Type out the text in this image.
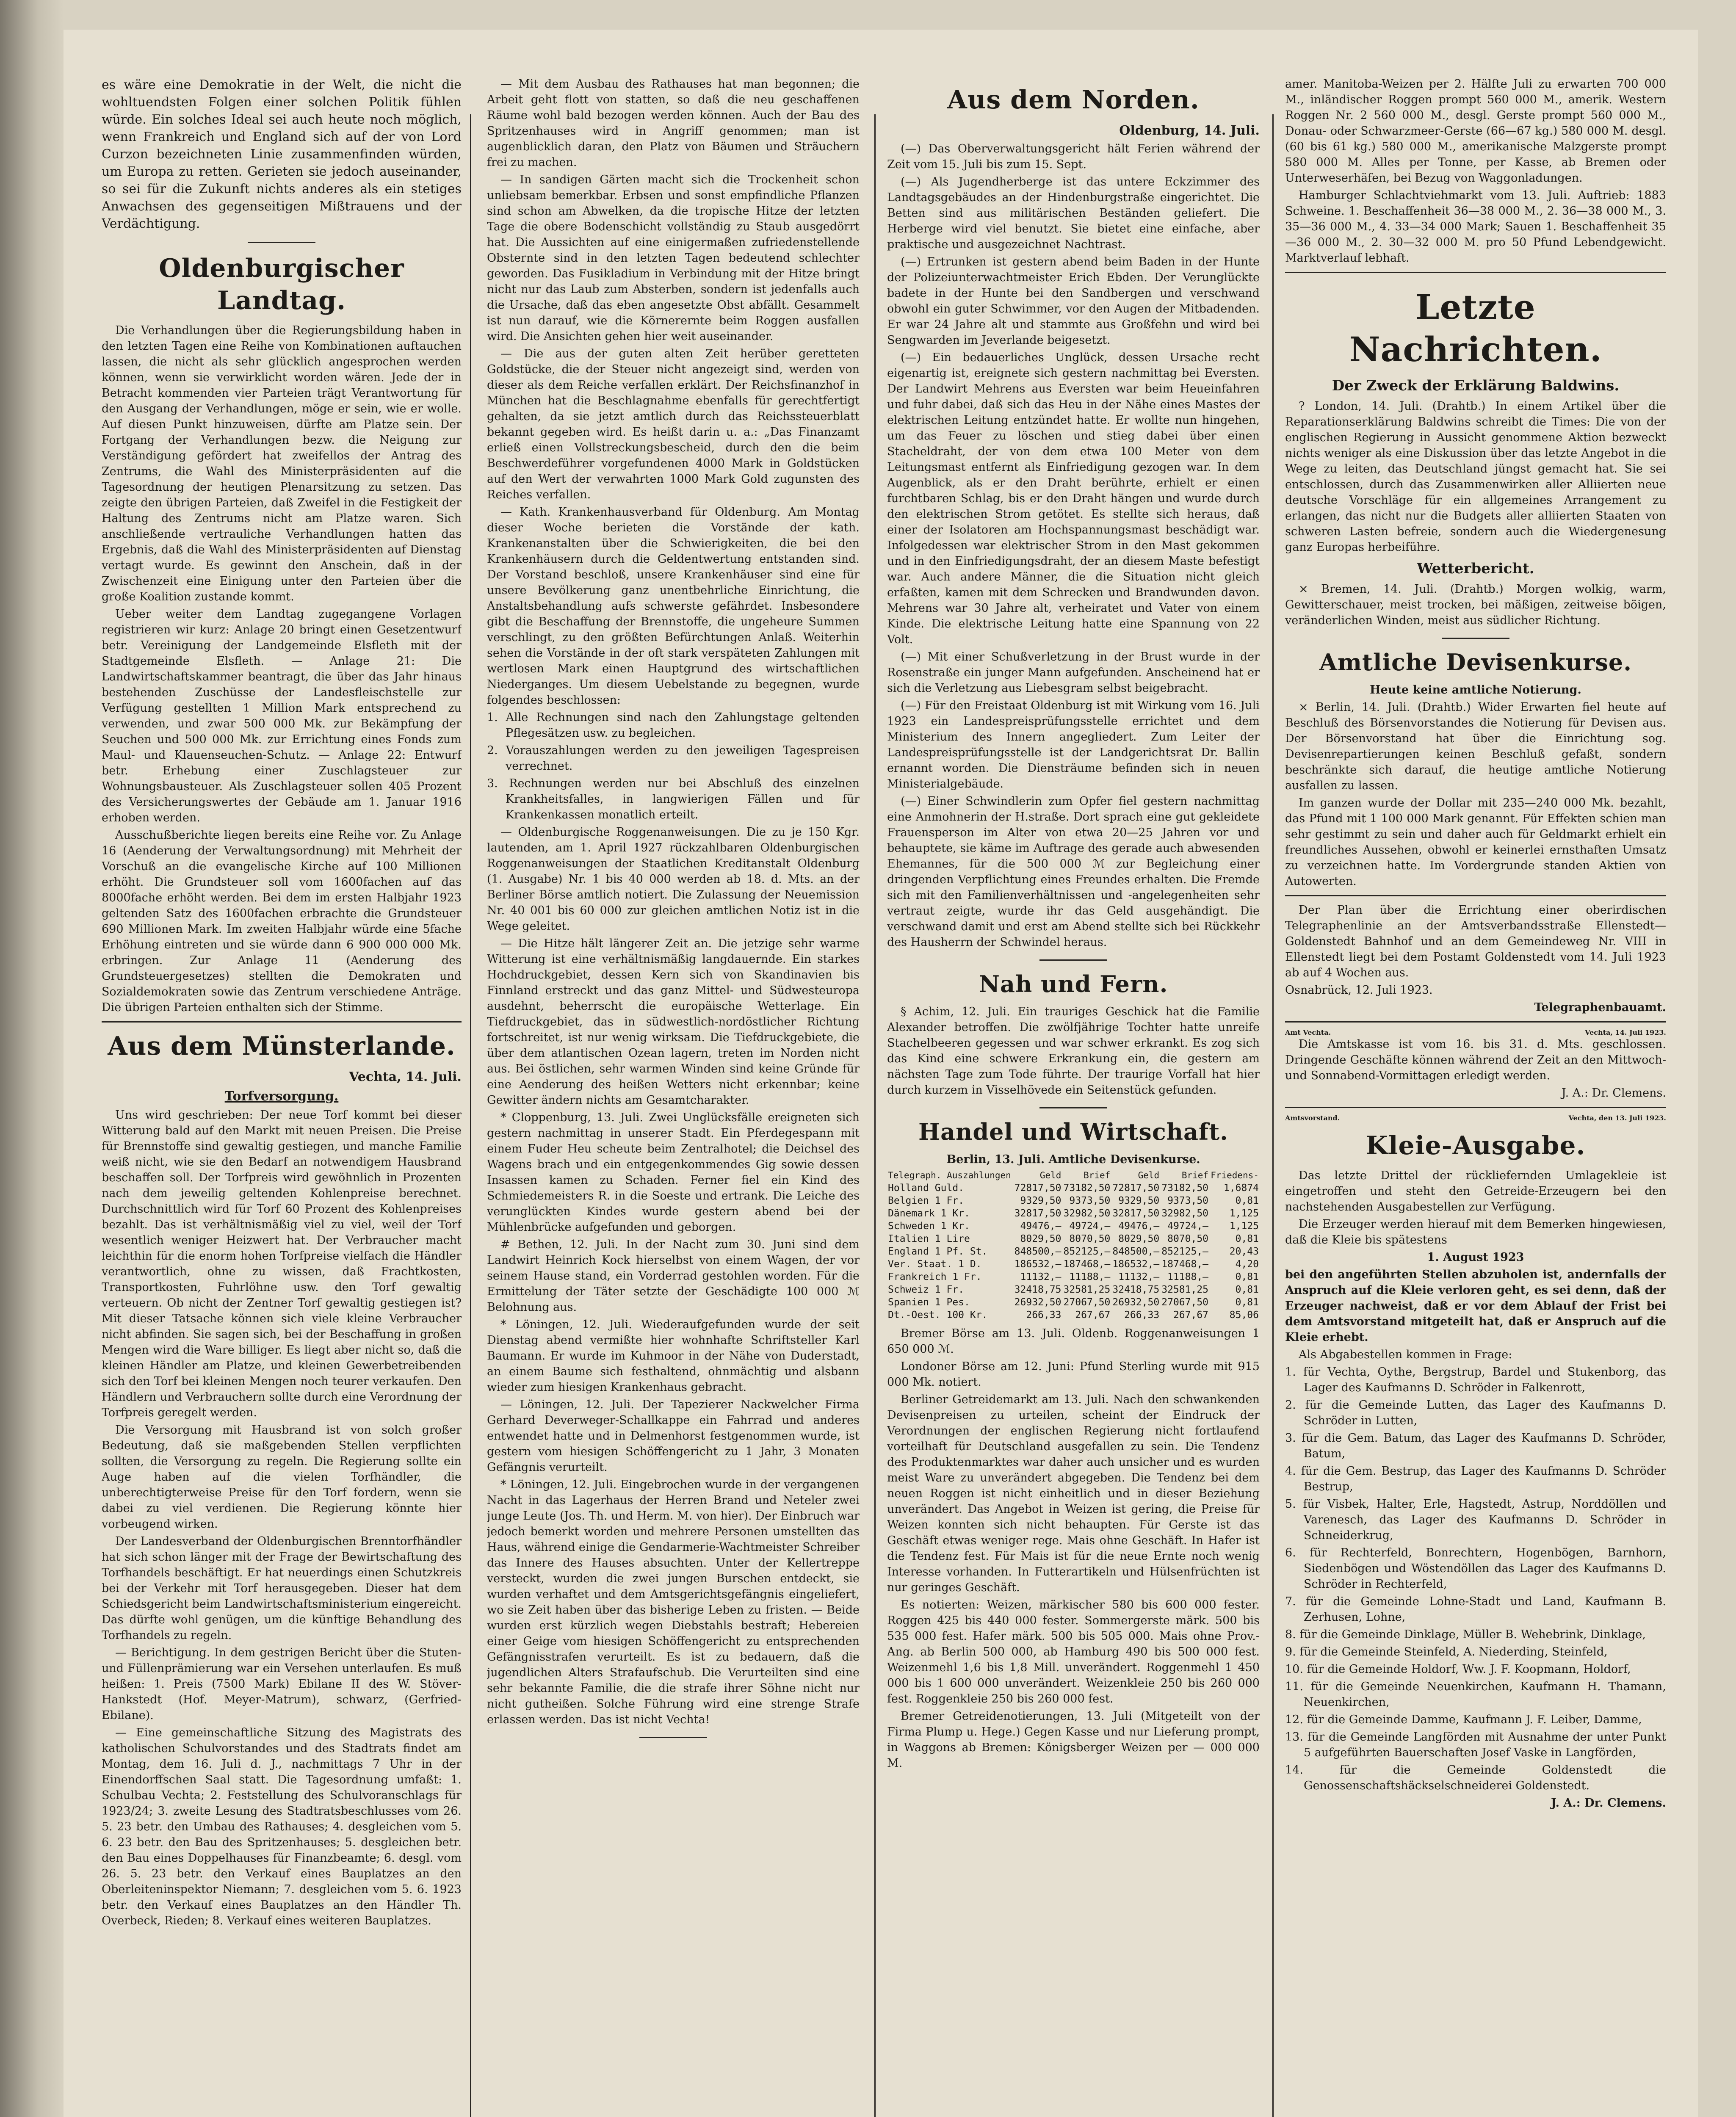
es wäre eine Demokratie in der Welt, die nicht die wohltuendsten Folgen einer solchen Politik fühlen würde. Ein solches Ideal sei auch heute noch möglich, wenn Frankreich und England sich auf der von Lord Curzon bezeichneten Linie zusammenfinden würden, um Europa zu retten. Gerieten sie jedoch auseinander, so sei für die Zukunft nichts anderes als ein stetiges Anwachsen des gegenseitigen Mißtrauens und der Verdächtigung.

Oldenburgischer Landtag.

Die Verhandlungen über die Regierungsbildung haben in den letzten Tagen eine Reihe von Kombinationen auftauchen lassen, die nicht als sehr glücklich angesprochen werden können, wenn sie verwirklicht worden wären. Jede der in Betracht kommenden vier Parteien trägt Verantwortung für den Ausgang der Verhandlungen, möge er sein, wie er wolle. Auf diesen Punkt hinzuweisen, dürfte am Platze sein. Der Fortgang der Verhandlungen bezw. die Neigung zur Verständigung gefördert hat zweifellos der Antrag des Zentrums, die Wahl des Ministerpräsidenten auf die Tagesordnung der heutigen Plenarsitzung zu setzen. Das zeigte den übrigen Parteien, daß Zweifel in die Festigkeit der Haltung des Zentrums nicht am Platze waren. Sich anschließende vertrauliche Verhandlungen hatten das Ergebnis, daß die Wahl des Ministerpräsidenten auf Dienstag vertagt wurde. Es gewinnt den Anschein, daß in der Zwischenzeit eine Einigung unter den Parteien über die große Koalition zustande kommt.

Ueber weiter dem Landtag zugegangene Vorlagen registrieren wir kurz: Anlage 20 bringt einen Gesetzentwurf betr. Vereinigung der Landgemeinde Elsfleth mit der Stadtgemeinde Elsfleth. — Anlage 21: Die Landwirtschaftskammer beantragt, die über das Jahr hinaus bestehenden Zuschüsse der Landesfleischstelle zur Verfügung gestellten 1 Million Mark entsprechend zu verwenden, und zwar 500 000 Mk. zur Bekämpfung der Seuchen und 500 000 Mk. zur Errichtung eines Fonds zum Maul- und Klauenseuchen-Schutz. — Anlage 22: Entwurf betr. Erhebung einer Zuschlagsteuer zur Wohnungsbausteuer. Als Zuschlagsteuer sollen 405 Prozent des Versicherungswertes der Gebäude am 1. Januar 1916 erhoben werden.

Ausschußberichte liegen bereits eine Reihe vor. Zu Anlage 16 (Aenderung der Verwaltungsordnung) mit Mehrheit der Vorschuß an die evangelische Kirche auf 100 Millionen erhöht. Die Grundsteuer soll vom 1600fachen auf das 8000fache erhöht werden. Bei dem im ersten Halbjahr 1923 geltenden Satz des 1600fachen erbrachte die Grundsteuer 690 Millionen Mark. Im zweiten Halbjahr würde eine 5fache Erhöhung eintreten und sie würde dann 6 900 000 000 Mk. erbringen. Zur Anlage 11 (Aenderung des Grundsteuergesetzes) stellten die Demokraten und Sozialdemokraten sowie das Zentrum verschiedene Anträge. Die übrigen Parteien enthalten sich der Stimme.

Aus dem Münsterlande.

Vechta, 14. Juli.

Torfversorgung.

Uns wird geschrieben: Der neue Torf kommt bei dieser Witterung bald auf den Markt mit neuen Preisen. Die Preise für Brennstoffe sind gewaltig gestiegen, und manche Familie weiß nicht, wie sie den Bedarf an notwendigem Hausbrand beschaffen soll. Der Torfpreis wird gewöhnlich in Prozenten nach dem jeweilig geltenden Kohlenpreise berechnet. Durchschnittlich wird für Torf 60 Prozent des Kohlenpreises bezahlt. Das ist verhältnismäßig viel zu viel, weil der Torf wesentlich weniger Heizwert hat. Der Verbraucher macht leichthin für die enorm hohen Torfpreise vielfach die Händler verantwortlich, ohne zu wissen, daß Frachtkosten, Transportkosten, Fuhrlöhne usw. den Torf gewaltig verteuern. Ob nicht der Zentner Torf gewaltig gestiegen ist? Mit dieser Tatsache können sich viele kleine Verbraucher nicht abfinden. Sie sagen sich, bei der Beschaffung in großen Mengen wird die Ware billiger. Es liegt aber nicht so, daß die kleinen Händler am Platze, und kleinen Gewerbetreibenden sich den Torf bei kleinen Mengen noch teurer verkaufen. Den Händlern und Verbrauchern sollte durch eine Verordnung der Torfpreis geregelt werden.

Die Versorgung mit Hausbrand ist von solch großer Bedeutung, daß sie maßgebenden Stellen verpflichten sollten, die Versorgung zu regeln. Die Regierung sollte ein Auge haben auf die vielen Torfhändler, die unberechtigterweise Preise für den Torf fordern, wenn sie dabei zu viel verdienen. Die Regierung könnte hier vorbeugend wirken.

Der Landesverband der Oldenburgischen Brenntorfhändler hat sich schon länger mit der Frage der Bewirtschaftung des Torfhandels beschäftigt. Er hat neuerdings einen Schutzkreis bei der Verkehr mit Torf herausgegeben. Dieser hat dem Schiedsgericht beim Landwirtschaftsministerium eingereicht. Das dürfte wohl genügen, um die künftige Behandlung des Torfhandels zu regeln.

— Berichtigung. In dem gestrigen Bericht über die Stuten- und Füllenprämierung war ein Versehen unterlaufen. Es muß heißen: 1. Preis (7500 Mark) Ebilane II des W. Stöver-Hankstedt (Hof. Meyer-Matrum), schwarz, (Gerfried-Ebilane).

— Eine gemeinschaftliche Sitzung des Magistrats des katholischen Schulvorstandes und des Stadtrats findet am Montag, dem 16. Juli d. J., nachmittags 7 Uhr in der Einendorffschen Saal statt. Die Tagesordnung umfaßt: 1. Schulbau Vechta; 2. Feststellung des Schulvoranschlags für 1923/24; 3. zweite Lesung des Stadtratsbeschlusses vom 26. 5. 23 betr. den Umbau des Rathauses; 4. desgleichen vom 5. 6. 23 betr. den Bau des Spritzenhauses; 5. desgleichen betr. den Bau eines Doppelhauses für Finanzbeamte; 6. desgl. vom 26. 5. 23 betr. den Verkauf eines Bauplatzes an den Oberleiteninspektor Niemann; 7. desgleichen vom 5. 6. 1923 betr. den Verkauf eines Bauplatzes an den Händler Th. Overbeck, Rieden; 8. Verkauf eines weiteren Bauplatzes.

— Mit dem Ausbau des Rathauses hat man begonnen; die Arbeit geht flott von statten, so daß die neu geschaffenen Räume wohl bald bezogen werden können. Auch der Bau des Spritzenhauses wird in Angriff genommen; man ist augenblicklich daran, den Platz von Bäumen und Sträuchern frei zu machen.

— In sandigen Gärten macht sich die Trockenheit schon unliebsam bemerkbar. Erbsen und sonst empfindliche Pflanzen sind schon am Abwelken, da die tropische Hitze der letzten Tage die obere Bodenschicht vollständig zu Staub ausgedörrt hat. Die Aussichten auf eine einigermaßen zufriedenstellende Obsternte sind in den letzten Tagen bedeutend schlechter geworden. Das Fusikladium in Verbindung mit der Hitze bringt nicht nur das Laub zum Absterben, sondern ist jedenfalls auch die Ursache, daß das eben angesetzte Obst abfällt. Gesammelt ist nun darauf, wie die Körnerernte beim Roggen ausfallen wird. Die Ansichten gehen hier weit auseinander.

— Die aus der guten alten Zeit herüber geretteten Goldstücke, die der Steuer nicht angezeigt sind, werden von dieser als dem Reiche verfallen erklärt. Der Reichsfinanzhof in München hat die Beschlagnahme ebenfalls für gerechtfertigt gehalten, da sie jetzt amtlich durch das Reichssteuerblatt bekannt gegeben wird. Es heißt darin u. a.: „Das Finanzamt erließ einen Vollstreckungsbescheid, durch den die beim Beschwerdeführer vorgefundenen 4000 Mark in Goldstücken auf den Wert der verwahrten 1000 Mark Gold zugunsten des Reiches verfallen.

— Kath. Krankenhausverband für Oldenburg. Am Montag dieser Woche berieten die Vorstände der kath. Krankenanstalten über die Schwierigkeiten, die bei den Krankenhäusern durch die Geldentwertung entstanden sind. Der Vorstand beschloß, unsere Krankenhäuser sind eine für unsere Bevölkerung ganz unentbehrliche Einrichtung, die Anstaltsbehandlung aufs schwerste gefährdet. Insbesondere gibt die Beschaffung der Brennstoffe, die ungeheure Summen verschlingt, zu den größten Befürchtungen Anlaß. Weiterhin sehen die Vorstände in der oft stark verspäteten Zahlungen mit wertlosen Mark einen Hauptgrund des wirtschaftlichen Niederganges. Um diesem Uebelstande zu begegnen, wurde folgendes beschlossen:

1. Alle Rechnungen sind nach den Zahlungstage geltenden Pflegesätzen usw. zu begleichen.

2. Vorauszahlungen werden zu den jeweiligen Tagespreisen verrechnet.

3. Rechnungen werden nur bei Abschluß des einzelnen Krankheitsfalles, in langwierigen Fällen und für Krankenkassen monatlich erteilt.

— Oldenburgische Roggenanweisungen. Die zu je 150 Kgr. lautenden, am 1. April 1927 rückzahlbaren Oldenburgischen Roggenanweisungen der Staatlichen Kreditanstalt Oldenburg (1. Ausgabe) Nr. 1 bis 40 000 werden ab 18. d. Mts. an der Berliner Börse amtlich notiert. Die Zulassung der Neuemission Nr. 40 001 bis 60 000 zur gleichen amtlichen Notiz ist in die Wege geleitet.

— Die Hitze hält längerer Zeit an. Die jetzige sehr warme Witterung ist eine verhältnismäßig langdauernde. Ein starkes Hochdruckgebiet, dessen Kern sich von Skandinavien bis Finnland erstreckt und das ganz Mittel- und Südwesteuropa ausdehnt, beherrscht die europäische Wetterlage. Ein Tiefdruckgebiet, das in südwestlich-nordöstlicher Richtung fortschreitet, ist nur wenig wirksam. Die Tiefdruckgebiete, die über dem atlantischen Ozean lagern, treten im Norden nicht aus. Bei östlichen, sehr warmen Winden sind keine Gründe für eine Aenderung des heißen Wetters nicht erkennbar; keine Gewitter ändern nichts am Gesamtcharakter.

* Cloppenburg, 13. Juli. Zwei Unglücksfälle ereigneten sich gestern nachmittag in unserer Stadt. Ein Pferdegespann mit einem Fuder Heu scheute beim Zentralhotel; die Deichsel des Wagens brach und ein entgegenkommendes Gig sowie dessen Insassen kamen zu Schaden. Ferner fiel ein Kind des Schmiedemeisters R. in die Soeste und ertrank. Die Leiche des verunglückten Kindes wurde gestern abend bei der Mühlenbrücke aufgefunden und geborgen.

# Bethen, 12. Juli. In der Nacht zum 30. Juni sind dem Landwirt Heinrich Kock hierselbst von einem Wagen, der vor seinem Hause stand, ein Vorderrad gestohlen worden. Für die Ermittelung der Täter setzte der Geschädigte 100 000 ℳ Belohnung aus.

* Löningen, 12. Juli. Wiederaufgefunden wurde der seit Dienstag abend vermißte hier wohnhafte Schriftsteller Karl Baumann. Er wurde im Kuhmoor in der Nähe von Duderstadt, an einem Baume sich festhaltend, ohnmächtig und alsbann wieder zum hiesigen Krankenhaus gebracht.

— Löningen, 12. Juli. Der Tapezierer Nackwelcher Firma Gerhard Deverweger-Schallkappe ein Fahrrad und anderes entwendet hatte und in Delmenhorst festgenommen wurde, ist gestern vom hiesigen Schöffengericht zu 1 Jahr, 3 Monaten Gefängnis verurteilt.

* Löningen, 12. Juli. Eingebrochen wurde in der vergangenen Nacht in das Lagerhaus der Herren Brand und Neteler zwei junge Leute (Jos. Th. und Herm. M. von hier). Der Einbruch war jedoch bemerkt worden und mehrere Personen umstellten das Haus, während einige die Gendarmerie-Wachtmeister Schreiber das Innere des Hauses absuchten. Unter der Kellertreppe versteckt, wurden die zwei jungen Burschen entdeckt, sie wurden verhaftet und dem Amtsgerichtsgefängnis eingeliefert, wo sie Zeit haben über das bisherige Leben zu fristen. — Beide wurden erst kürzlich wegen Diebstahls bestraft; Hebereien einer Geige vom hiesigen Schöffengericht zu entsprechenden Gefängnisstrafen verurteilt. Es ist zu bedauern, daß die jugendlichen Alters Strafaufschub. Die Verurteilten sind eine sehr bekannte Familie, die die strafe ihrer Söhne nicht nur nicht gutheißen. Solche Führung wird eine strenge Strafe erlassen werden. Das ist nicht Vechta!

Aus dem Norden.

Oldenburg, 14. Juli.

(—) Das Oberverwaltungsgericht hält Ferien während der Zeit vom 15. Juli bis zum 15. Sept.

(—) Als Jugendherberge ist das untere Eckzimmer des Landtagsgebäudes an der Hindenburgstraße eingerichtet. Die Betten sind aus militärischen Beständen geliefert. Die Herberge wird viel benutzt. Sie bietet eine einfache, aber praktische und ausgezeichnet Nachtrast.

(—) Ertrunken ist gestern abend beim Baden in der Hunte der Polizeiunterwachtmeister Erich Ebden. Der Verunglückte badete in der Hunte bei den Sandbergen und verschwand obwohl ein guter Schwimmer, vor den Augen der Mitbadenden. Er war 24 Jahre alt und stammte aus Großfehn und wird bei Sengwarden im Jeverlande beigesetzt.

(—) Ein bedauerliches Unglück, dessen Ursache recht eigenartig ist, ereignete sich gestern nachmittag bei Eversten. Der Landwirt Mehrens aus Eversten war beim Heueinfahren und fuhr dabei, daß sich das Heu in der Nähe eines Mastes der elektrischen Leitung entzündet hatte. Er wollte nun hingehen, um das Feuer zu löschen und stieg dabei über einen Stacheldraht, der von dem etwa 100 Meter von dem Leitungsmast entfernt als Einfriedigung gezogen war. In dem Augenblick, als er den Draht berührte, erhielt er einen furchtbaren Schlag, bis er den Draht hängen und wurde durch den elektrischen Strom getötet. Es stellte sich heraus, daß einer der Isolatoren am Hochspannungsmast beschädigt war. Infolgedessen war elektrischer Strom in den Mast gekommen und in den Einfriedigungsdraht, der an diesem Maste befestigt war. Auch andere Männer, die die Situation nicht gleich erfaßten, kamen mit dem Schrecken und Brandwunden davon. Mehrens war 30 Jahre alt, verheiratet und Vater von einem Kinde. Die elektrische Leitung hatte eine Spannung von 22 Volt.

(—) Mit einer Schußverletzung in der Brust wurde in der Rosenstraße ein junger Mann aufgefunden. Anscheinend hat er sich die Verletzung aus Liebesgram selbst beigebracht.

(—) Für den Freistaat Oldenburg ist mit Wirkung vom 16. Juli 1923 ein Landespreisprüfungsstelle errichtet und dem Ministerium des Innern angegliedert. Zum Leiter der Landespreisprüfungsstelle ist der Landgerichtsrat Dr. Ballin ernannt worden. Die Diensträume befinden sich in neuen Ministerialgebäude.

(—) Einer Schwindlerin zum Opfer fiel gestern nachmittag eine Anmohnerin der H.straße. Dort sprach eine gut gekleidete Frauensperson im Alter von etwa 20—25 Jahren vor und behauptete, sie käme im Auftrage des gerade auch abwesenden Ehemannes, für die 500 000 ℳ zur Begleichung einer dringenden Verpflichtung eines Freundes erhalten. Die Fremde sich mit den Familienverhältnissen und -angelegenheiten sehr vertraut zeigte, wurde ihr das Geld ausgehändigt. Die verschwand damit und erst am Abend stellte sich bei Rückkehr des Hausherrn der Schwindel heraus.

Nah und Fern.

§ Achim, 12. Juli. Ein trauriges Geschick hat die Familie Alexander betroffen. Die zwölfjährige Tochter hatte unreife Stachelbeeren gegessen und war schwer erkrankt. Es zog sich das Kind eine schwere Erkrankung ein, die gestern am nächsten Tage zum Tode führte. Der traurige Vorfall hat hier durch kurzem in Visselhövede ein Seitenstück gefunden.

Handel und Wirtschaft.

Berlin, 13. Juli. Amtliche Devisenkurse.

Telegraph. Auszahlungen	Geld	Brief	Geld	Brief	Friedens-
Holland Guld.	72817,50	73182,50	72817,50	73182,50	1,6874
Belgien 1 Fr.	9329,50	9373,50	9329,50	9373,50	0,81
Dänemark 1 Kr.	32817,50	32982,50	32817,50	32982,50	1,125
Schweden 1 Kr.	49476,—	49724,—	49476,—	49724,—	1,125
Italien 1 Lire	8029,50	8070,50	8029,50	8070,50	0,81
England 1 Pf. St.	848500,—	852125,—	848500,—	852125,—	20,43
Ver. Staat. 1 D.	186532,—	187468,—	186532,—	187468,—	4,20
Frankreich 1 Fr.	11132,—	11188,—	11132,—	11188,—	0,81
Schweiz 1 Fr.	32418,75	32581,25	32418,75	32581,25	0,81
Spanien 1 Pes.	26932,50	27067,50	26932,50	27067,50	0,81
Dt.-Oest. 100 Kr.	266,33	267,67	266,33	267,67	85,06

Bremer Börse am 13. Juli. Oldenb. Roggenanweisungen 1 650 000 ℳ.

Londoner Börse am 12. Juni: Pfund Sterling wurde mit 915 000 Mk. notiert.

Berliner Getreidemarkt am 13. Juli. Nach den schwankenden Devisenpreisen zu urteilen, scheint der Eindruck der Verordnungen der englischen Regierung nicht fortlaufend vorteilhaft für Deutschland ausgefallen zu sein. Die Tendenz des Produktenmarktes war daher auch unsicher und es wurden meist Ware zu unverändert abgegeben. Die Tendenz bei dem neuen Roggen ist nicht einheitlich und in dieser Beziehung unverändert. Das Angebot in Weizen ist gering, die Preise für Weizen konnten sich nicht behaupten. Für Gerste ist das Geschäft etwas weniger rege. Mais ohne Geschäft. In Hafer ist die Tendenz fest. Für Mais ist für die neue Ernte noch wenig Interesse vorhanden. In Futterartikeln und Hülsenfrüchten ist nur geringes Geschäft.

Es notierten: Weizen, märkischer 580 bis 600 000 fester. Roggen 425 bis 440 000 fester. Sommergerste märk. 500 bis 535 000 fest. Hafer märk. 500 bis 505 000. Mais ohne Prov.-Ang. ab Berlin 500 000, ab Hamburg 490 bis 500 000 fest. Weizenmehl 1,6 bis 1,8 Mill. unverändert. Roggenmehl 1 450 000 bis 1 600 000 unverändert. Weizenkleie 250 bis 260 000 fest. Roggenkleie 250 bis 260 000 fest.

Bremer Getreidenotierungen, 13. Juli (Mitgeteilt von der Firma Plump u. Hege.) Gegen Kasse und nur Lieferung prompt, in Waggons ab Bremen: Königsberger Weizen per — 000 000 M.

amer. Manitoba-Weizen per 2. Hälfte Juli zu erwarten 700 000 M., inländischer Roggen prompt 560 000 M., amerik. Western Roggen Nr. 2 560 000 M., desgl. Gerste prompt 560 000 M., Donau- oder Schwarzmeer-Gerste (66—67 kg.) 580 000 M. desgl. (60 bis 61 kg.) 580 000 M., amerikanische Malzgerste prompt 580 000 M. Alles per Tonne, per Kasse, ab Bremen oder Unterweserhäfen, bei Bezug von Waggonladungen.

Hamburger Schlachtviehmarkt vom 13. Juli. Auftrieb: 1883 Schweine. 1. Beschaffenheit 36—38 000 M., 2. 36—38 000 M., 3. 35—36 000 M., 4. 33—34 000 Mark; Sauen 1. Beschaffenheit 35—36 000 M., 2. 30—32 000 M. pro 50 Pfund Lebendgewicht. Marktverlauf lebhaft.

Letzte Nachrichten.
Der Zweck der Erklärung Baldwins.

? London, 14. Juli. (Drahtb.) In einem Artikel über die Reparationserklärung Baldwins schreibt die Times: Die von der englischen Regierung in Aussicht genommene Aktion bezweckt nichts weniger als eine Diskussion über das letzte Angebot in die Wege zu leiten, das Deutschland jüngst gemacht hat. Sie sei entschlossen, durch das Zusammenwirken aller Alliierten neue deutsche Vorschläge für ein allgemeines Arrangement zu erlangen, das nicht nur die Budgets aller alliierten Staaten von schweren Lasten befreie, sondern auch die Wiedergenesung ganz Europas herbeiführe.

Wetterbericht.

× Bremen, 14. Juli. (Drahtb.) Morgen wolkig, warm, Gewitterschauer, meist trocken, bei mäßigen, zeitweise böigen, veränderlichen Winden, meist aus südlicher Richtung.

Amtliche Devisenkurse.

Heute keine amtliche Notierung.

× Berlin, 14. Juli. (Drahtb.) Wider Erwarten fiel heute auf Beschluß des Börsenvorstandes die Notierung für Devisen aus. Der Börsenvorstand hat über die Einrichtung sog. Devisenrepartierungen keinen Beschluß gefaßt, sondern beschränkte sich darauf, die heutige amtliche Notierung ausfallen zu lassen.

Im ganzen wurde der Dollar mit 235—240 000 Mk. bezahlt, das Pfund mit 1 100 000 Mark genannt. Für Effekten schien man sehr gestimmt zu sein und daher auch für Geldmarkt erhielt ein freundliches Aussehen, obwohl er keinerlei ernsthaften Umsatz zu verzeichnen hatte. Im Vordergrunde standen Aktien von Autowerten.

Der Plan über die Errichtung einer oberirdischen Telegraphenlinie an der Amtsverbandsstraße Ellenstedt—Goldenstedt Bahnhof und an dem Gemeindeweg Nr. VIII in Ellenstedt liegt bei dem Postamt Goldenstedt vom 14. Juli 1923 ab auf 4 Wochen aus.

Osnabrück, 12. Juli 1923.

Telegraphenbauamt.

Amt Vechta.	Vechta, 14. Juli 1923.

Die Amtskasse ist vom 16. bis 31. d. Mts. geschlossen. Dringende Geschäfte können während der Zeit an den Mittwoch- und Sonnabend-Vormittagen erledigt werden.

J. A.: Dr. Clemens.

Amtsvorstand.	Vechta, den 13. Juli 1923.
Kleie-Ausgabe.

Das letzte Drittel der rückliefernden Umlagekleie ist eingetroffen und steht den Getreide-Erzeugern bei den nachstehenden Ausgabestellen zur Verfügung.

Die Erzeuger werden hierauf mit dem Bemerken hingewiesen, daß die Kleie bis spätestens

1. August 1923

bei den angeführten Stellen abzuholen ist, andernfalls der Anspruch auf die Kleie verloren geht, es sei denn, daß der Erzeuger nachweist, daß er vor dem Ablauf der Frist bei dem Amtsvorstand mitgeteilt hat, daß er Anspruch auf die Kleie erhebt.

Als Abgabestellen kommen in Frage:

1. für Vechta, Oythe, Bergstrup, Bardel und Stukenborg, das Lager des Kaufmanns D. Schröder in Falkenrott,

2. für die Gemeinde Lutten, das Lager des Kaufmanns D. Schröder in Lutten,

3. für die Gem. Batum, das Lager des Kaufmanns D. Schröder, Batum,

4. für die Gem. Bestrup, das Lager des Kaufmanns D. Schröder Bestrup,

5. für Visbek, Halter, Erle, Hagstedt, Astrup, Norddöllen und Varenesch, das Lager des Kaufmanns D. Schröder in Schneiderkrug,

6. für Rechterfeld, Bonrechtern, Hogenbögen, Barnhorn, Siedenbögen und Wöstendöllen das Lager des Kaufmanns D. Schröder in Rechterfeld,

7. für die Gemeinde Lohne-Stadt und Land, Kaufmann B. Zerhusen, Lohne,

8. für die Gemeinde Dinklage, Müller B. Wehebrink, Dinklage,

9. für die Gemeinde Steinfeld, A. Niederding, Steinfeld,

10. für die Gemeinde Holdorf, Ww. J. F. Koopmann, Holdorf,

11. für die Gemeinde Neuenkirchen, Kaufmann H. Thamann, Neuenkirchen,

12. für die Gemeinde Damme, Kaufmann J. F. Leiber, Damme,

13. für die Gemeinde Langförden mit Ausnahme der unter Punkt 5 aufgeführten Bauerschaften Josef Vaske in Langförden,

14. für die Gemeinde Goldenstedt die Genossenschaftshäckselschneiderei Goldenstedt.

J. A.: Dr. Clemens.
